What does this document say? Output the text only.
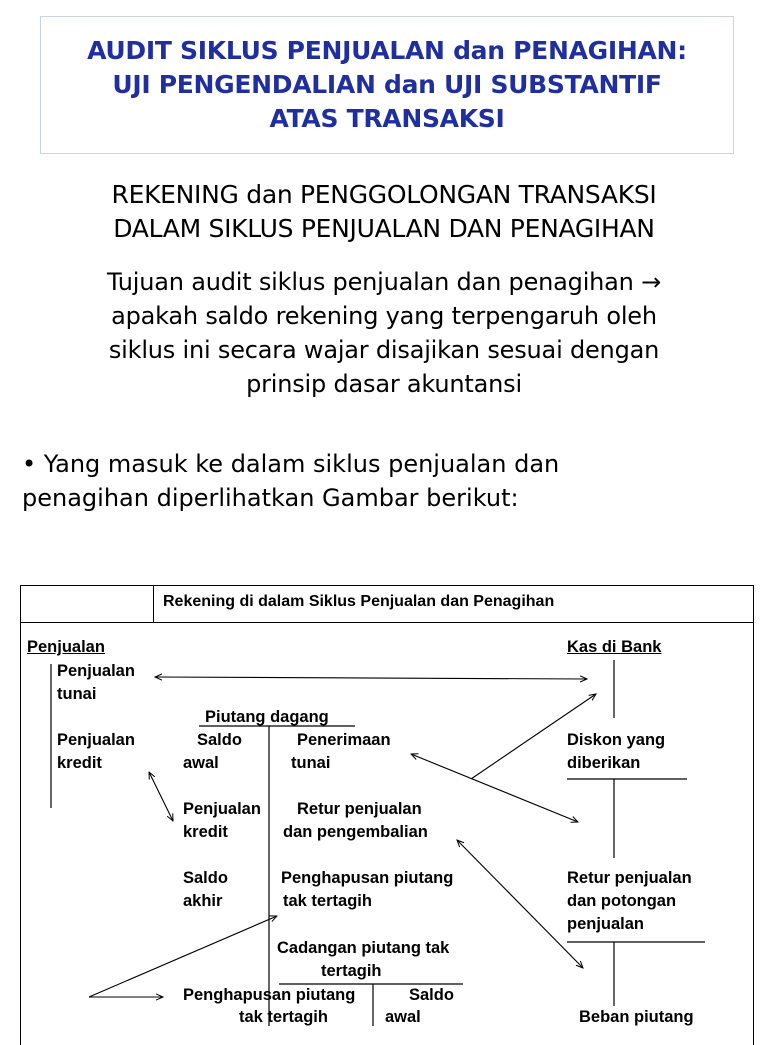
AUDIT SIKLUS PENJUALAN dan PENAGIHAN:
UJI PENGENDALIAN dan UJI SUBSTANTIF
ATAS TRANSAKSI
REKENING dan PENGGOLONGAN TRANSAKSI
DALAM SIKLUS PENJUALAN DAN PENAGIHAN
Tujuan audit siklus penjualan dan penagihan →
apakah saldo rekening yang terpengaruh oleh
siklus ini secara wajar disajikan sesuai dengan
prinsip dasar akuntansi
• Yang masuk ke dalam siklus penjualan dan
penagihan diperlihatkan Gambar berikut:
Rekening di dalam Siklus Penjualan dan Penagihan
Penjualan
Penjualan
tunai
Penjualan
kredit
Kas di Bank
Piutang dagang
Saldo
awal
Penerimaan
tunai
Penjualan
kredit
Retur penjualan
dan pengembalian
Saldo
akhir
Penghapusan piutang
tak tertagih
Diskon yang
diberikan
Retur penjualan
dan potongan
penjualan
Cadangan piutang tak
tertagih
Penghapusan piutang
tak tertagih
Saldo
awal	Beban piutang
